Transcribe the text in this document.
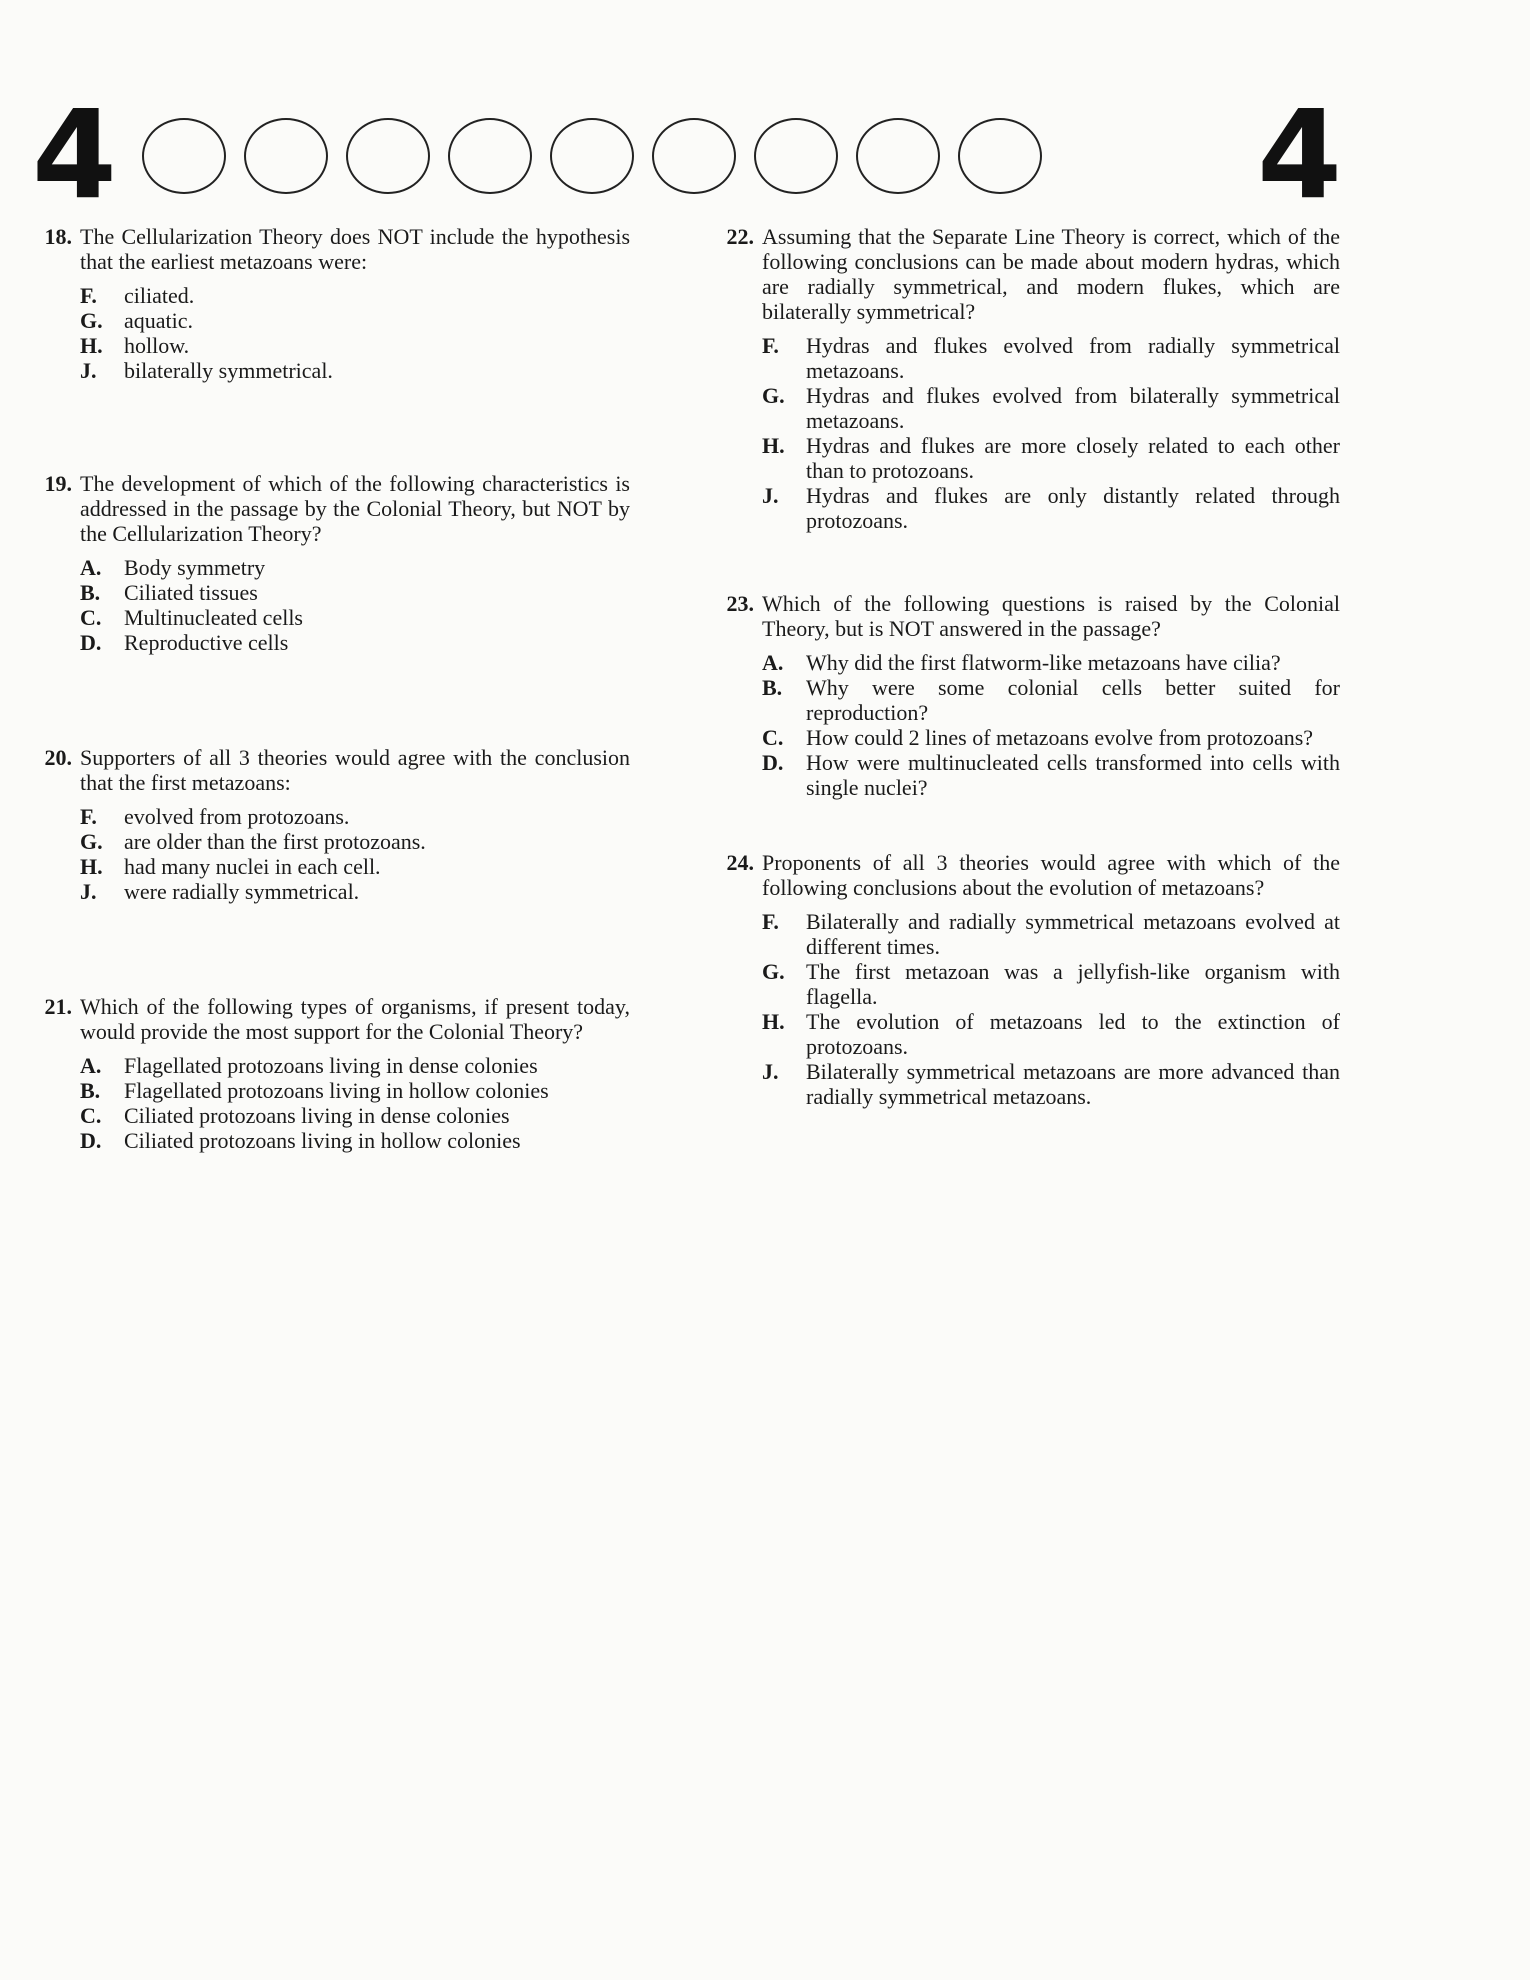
4	4
18. The Cellularization Theory does NOT include the hypothesis that the earliest metazoans were:
F.	ciliated.
G. aquatic.
H. hollow.
J.	bilaterally symmetrical.
19. The development of which of the following characteristics is addressed in the passage by the Colonial Theory, but NOT by the Cellularization Theory?
A.	Body symmetry
B.	Ciliated tissues
C.	Multinucleated cells
D.	Reproductive cells
20. Supporters of all 3 theories would agree with the conclusion that the first metazoans:
F.	evolved from protozoans.
G. are older than the first protozoans.
H. had many nuclei in each cell.
J.	were radially symmetrical.
21. Which of the following types of organisms, if present today, would provide the most support for the Colonial Theory?
A.	Flagellated protozoans living in dense colonies
B.	Flagellated protozoans living in hollow colonies
C.	Ciliated protozoans living in dense colonies
D.	Ciliated protozoans living in hollow colonies
22. Assuming that the Separate Line Theory is correct, which of the following conclusions can be made about modern hydras, which are radially symmetrical, and modern flukes, which are bilaterally symmetrical?
F.	Hydras and flukes evolved from radially symmetrical metazoans.
G. Hydras and flukes evolved from bilaterally symmetrical metazoans.
H. Hydras and flukes are more closely related to each other than to protozoans.
J.	Hydras and flukes are only distantly related through protozoans.
23. Which of the following questions is raised by the Colonial Theory, but is NOT answered in the passage?
A.	Why did the first flatworm-like metazoans have cilia?
B.	Why were some colonial cells better suited for reproduction?
C.	How could 2 lines of metazoans evolve from protozoans?
D.	How were multinucleated cells transformed into cells with single nuclei?
24. Proponents of all 3 theories would agree with which of the following conclusions about the evolution of metazoans?
F.	Bilaterally and radially symmetrical metazoans evolved at different times.
G. The first metazoan was a jellyfish-like organism with flagella.
H. The evolution of metazoans led to the extinction of protozoans.
J.	Bilaterally symmetrical metazoans are more advanced than radially symmetrical metazoans.
